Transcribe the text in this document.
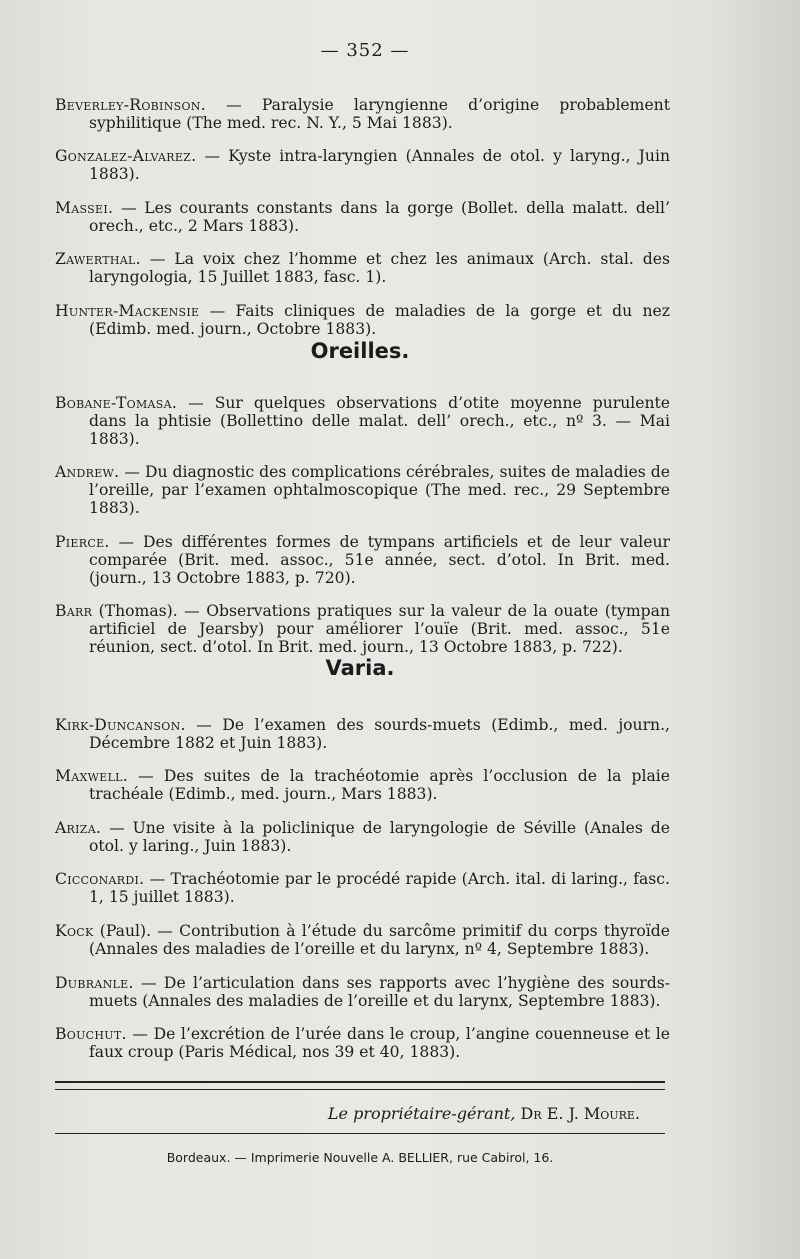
— 352 —

Beverley-Robinson. — Paralysie laryngienne d’origine probablement syphilitique (The med. rec. N. Y., 5 Mai 1883).

Gonzalez-Alvarez. — Kyste intra-laryngien (Annales de otol. y laryng., Juin 1883).

Massei. — Les courants constants dans la gorge (Bollet. della malatt. dell’ orech., etc., 2 Mars 1883).

Zawerthal. — La voix chez l’homme et chez les animaux (Arch. stal. des laryngologia, 15 Juillet 1883, fasc. 1).

Hunter-Mackensie — Faits cliniques de maladies de la gorge et du nez (Edimb. med. journ., Octobre 1883).

Oreilles.

Bobane-Tomasa. — Sur quelques observations d’otite moyenne purulente dans la phtisie (Bollettino delle malat. dell’ orech., etc., nº 3. — Mai 1883).

Andrew. — Du diagnostic des complications cérébrales, suites de maladies de l’oreille, par l’examen ophtalmoscopique (The med. rec., 29 Septembre 1883).

Pierce. — Des différentes formes de tympans artificiels et de leur valeur comparée (Brit. med. assoc., 51e année, sect. d’otol. In Brit. med. (journ., 13 Octobre 1883, p. 720).

Barr (Thomas). — Observations pratiques sur la valeur de la ouate (tympan artificiel de Jearsby) pour améliorer l’ouïe (Brit. med. assoc., 51e réunion, sect. d’otol. In Brit. med. journ., 13 Octobre 1883, p. 722).

Varia.

Kirk-Duncanson. — De l’examen des sourds-muets (Edimb., med. journ., Décembre 1882 et Juin 1883).

Maxwell. — Des suites de la trachéotomie après l’occlusion de la plaie trachéale (Edimb., med. journ., Mars 1883).

Ariza. — Une visite à la policlinique de laryngologie de Séville (Anales de otol. y laring., Juin 1883).

Cicconardi. — Trachéotomie par le procédé rapide (Arch. ital. di laring., fasc. 1, 15 juillet 1883).

Kock (Paul). — Contribution à l’étude du sarcôme primitif du corps thyroïde (Annales des maladies de l’oreille et du larynx, nº 4, Septembre 1883).

Dubranle. — De l’articulation dans ses rapports avec l’hygiène des sourds-muets (Annales des maladies de l’oreille et du larynx, Septembre 1883).

Bouchut. — De l’excrétion de l’urée dans le croup, l’angine couenneuse et le faux croup (Paris Médical, nos 39 et 40, 1883).

Le propriétaire-gérant, Dr E. J. Moure.
Bordeaux. — Imprimerie Nouvelle A. BELLIER, rue Cabirol, 16.
